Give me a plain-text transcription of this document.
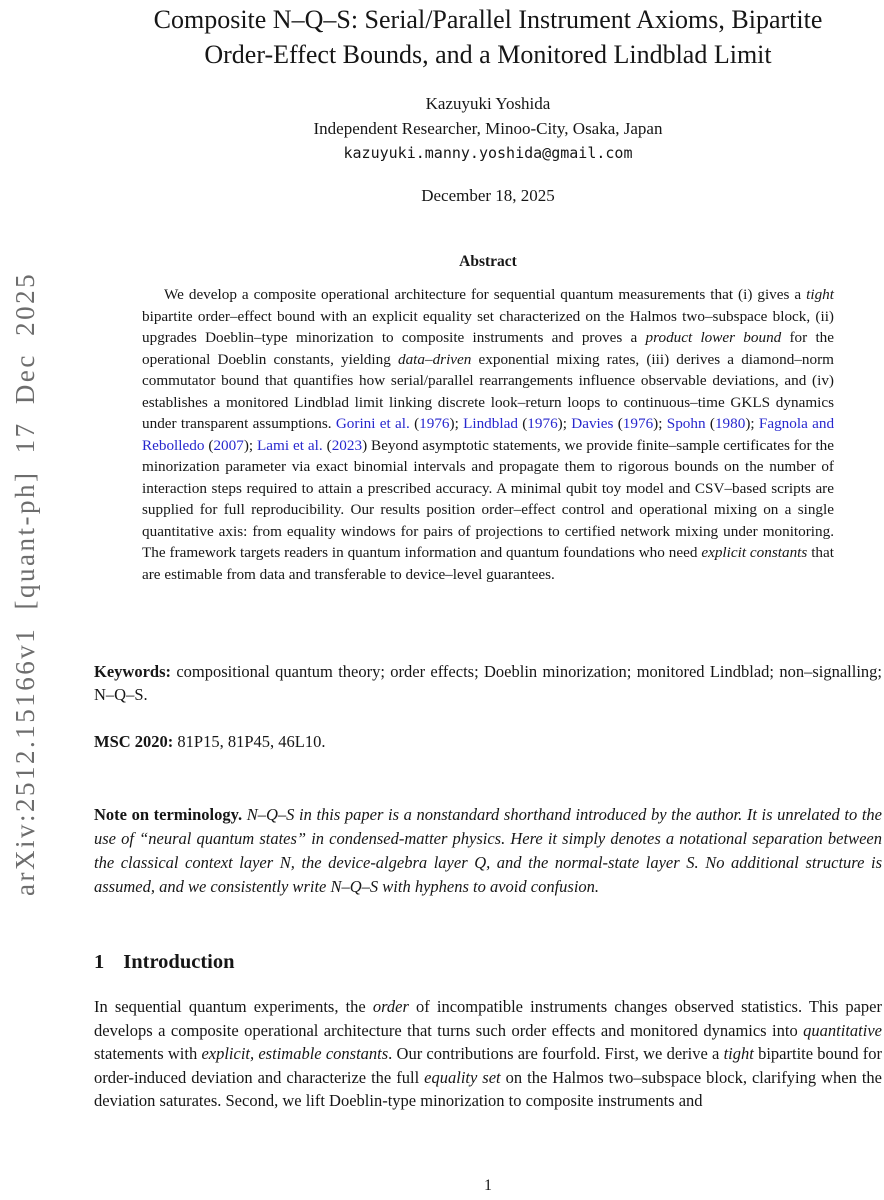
arXiv:2512.15166v1 [quant-ph] 17 Dec 2025
Composite N–Q–S: Serial/Parallel Instrument Axioms, Bipartite
Order-Effect Bounds, and a Monitored Lindblad Limit
Kazuyuki Yoshida
Independent Researcher, Minoo-City, Osaka, Japan
kazuyuki.manny.yoshida@gmail.com
December 18, 2025
Abstract

We develop a composite operational architecture for sequential quantum measurements that (i) gives a tight bipartite order–effect bound with an explicit equality set characterized on the Halmos two–subspace block, (ii) upgrades Doeblin–type minorization to composite instruments and proves a product lower bound for the operational Doeblin constants, yielding data–driven exponential mixing rates, (iii) derives a diamond–norm commutator bound that quantifies how serial/parallel rearrangements influence observable deviations, and (iv) establishes a monitored Lindblad limit linking discrete look–return loops to continuous–time GKLS dynamics under transparent assumptions. Gorini et al. (1976); Lindblad (1976); Davies (1976); Spohn (1980); Fagnola and Rebolledo (2007); Lami et al. (2023) Beyond asymptotic statements, we provide finite–sample certificates for the minorization parameter via exact binomial intervals and propagate them to rigorous bounds on the number of interaction steps required to attain a prescribed accuracy. A minimal qubit toy model and CSV–based scripts are supplied for full reproducibility. Our results position order–effect control and operational mixing on a single quantitative axis: from equality windows for pairs of projections to certified network mixing under monitoring. The framework targets readers in quantum information and quantum foundations who need explicit constants that are estimable from data and transferable to device–level guarantees.

Keywords: compositional quantum theory; order effects; Doeblin minorization; monitored Lindblad; non–signalling; N–Q–S.

MSC 2020: 81P15, 81P45, 46L10.

Note on terminology. N–Q–S in this paper is a nonstandard shorthand introduced by the author. It is unrelated to the use of “neural quantum states” in condensed-matter physics. Here it simply denotes a notational separation between the classical context layer N, the device-algebra layer Q, and the normal-state layer S. No additional structure is assumed, and we consistently write N–Q–S with hyphens to avoid confusion.

1 Introduction

In sequential quantum experiments, the order of incompatible instruments changes observed statistics. This paper develops a composite operational architecture that turns such order effects and monitored dynamics into quantitative statements with explicit, estimable constants. Our contributions are fourfold. First, we derive a tight bipartite bound for order-induced deviation and characterize the full equality set on the Halmos two–subspace block, clarifying when the deviation saturates. Second, we lift Doeblin-type minorization to composite instruments and

1
